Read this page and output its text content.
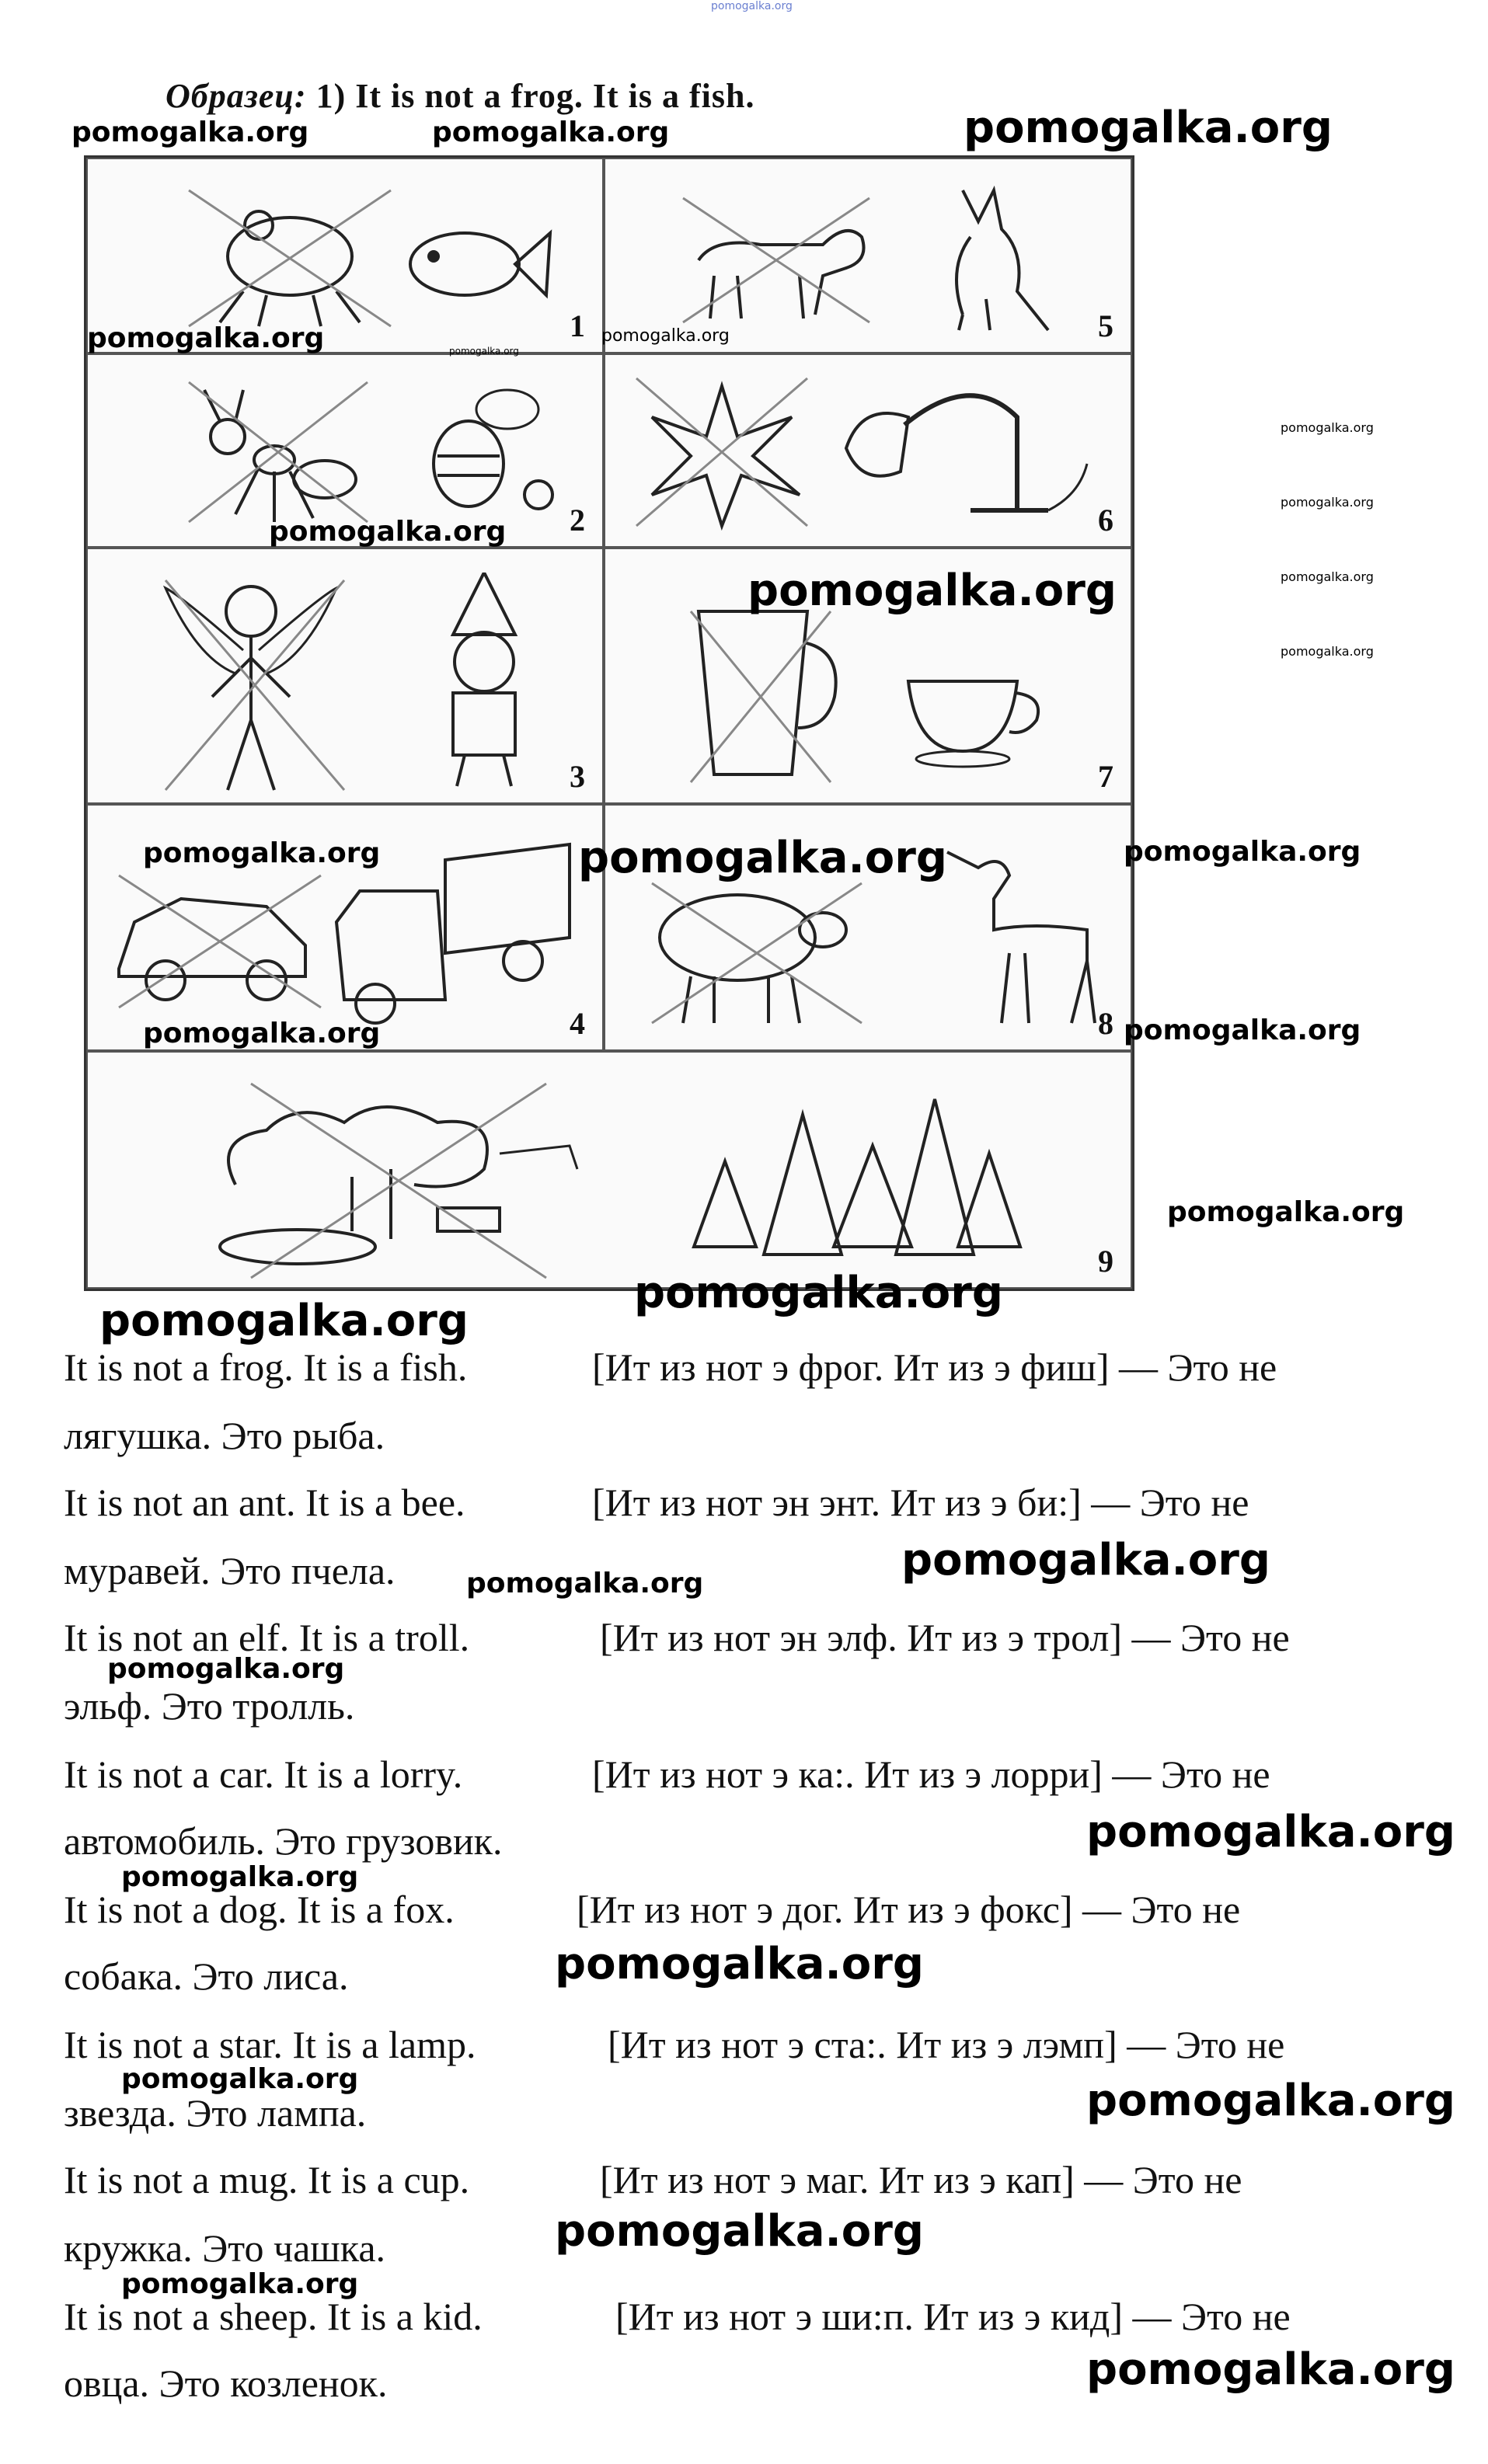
pomogalka.org
Образец: 1) It is not a frog. It is a fish.
1	5
2	6
3	7
4	8
9
pomogalka.org	pomogalka.org	pomogalka.org
pomogalka.org	pomogalka.org
pomogalka.org
pomogalka.org
pomogalka.org
pomogalka.org
pomogalka.org
pomogalka.org
pomogalka.org
pomogalka.org	pomogalka.org	pomogalka.org
pomogalka.org	pomogalka.org
pomogalka.org
pomogalka.org
pomogalka.org
It is not a frog. It is a fish.	[Ит из нот э фрог. Ит из э фиш] — Это не
лягушка. Это рыба.
It is not an ant. It is a bee.	[Ит из нот эн энт. Ит из э би:] — Это не
муравей. Это пчела.
It is not an elf. It is a troll.	[Ит из нот эн элф. Ит из э трол] — Это не
эльф. Это тролль.
It is not a car. It is a lorry.	[Ит из нот э ка:. Ит из э лорри] — Это не
автомобиль. Это грузовик.
It is not a dog. It is a fox.	[Ит из нот э дог. Ит из э фокс] — Это не
собака. Это лиса.
It is not a star. It is a lamp.	[Ит из нот э ста:. Ит из э лэмп] — Это не
звезда. Это лампа.
It is not a mug. It is a cup.	[Ит из нот э маг. Ит из э кап] — Это не
кружка. Это чашка.
It is not a sheep. It is a kid.	[Ит из нот э ши:п. Ит из э кид] — Это не
овца. Это козленок.
pomogalka.org	pomogalka.org
pomogalka.org
pomogalka.org
pomogalka.org
pomogalka.org
pomogalka.org	pomogalka.org
pomogalka.org
pomogalka.org
pomogalka.org
